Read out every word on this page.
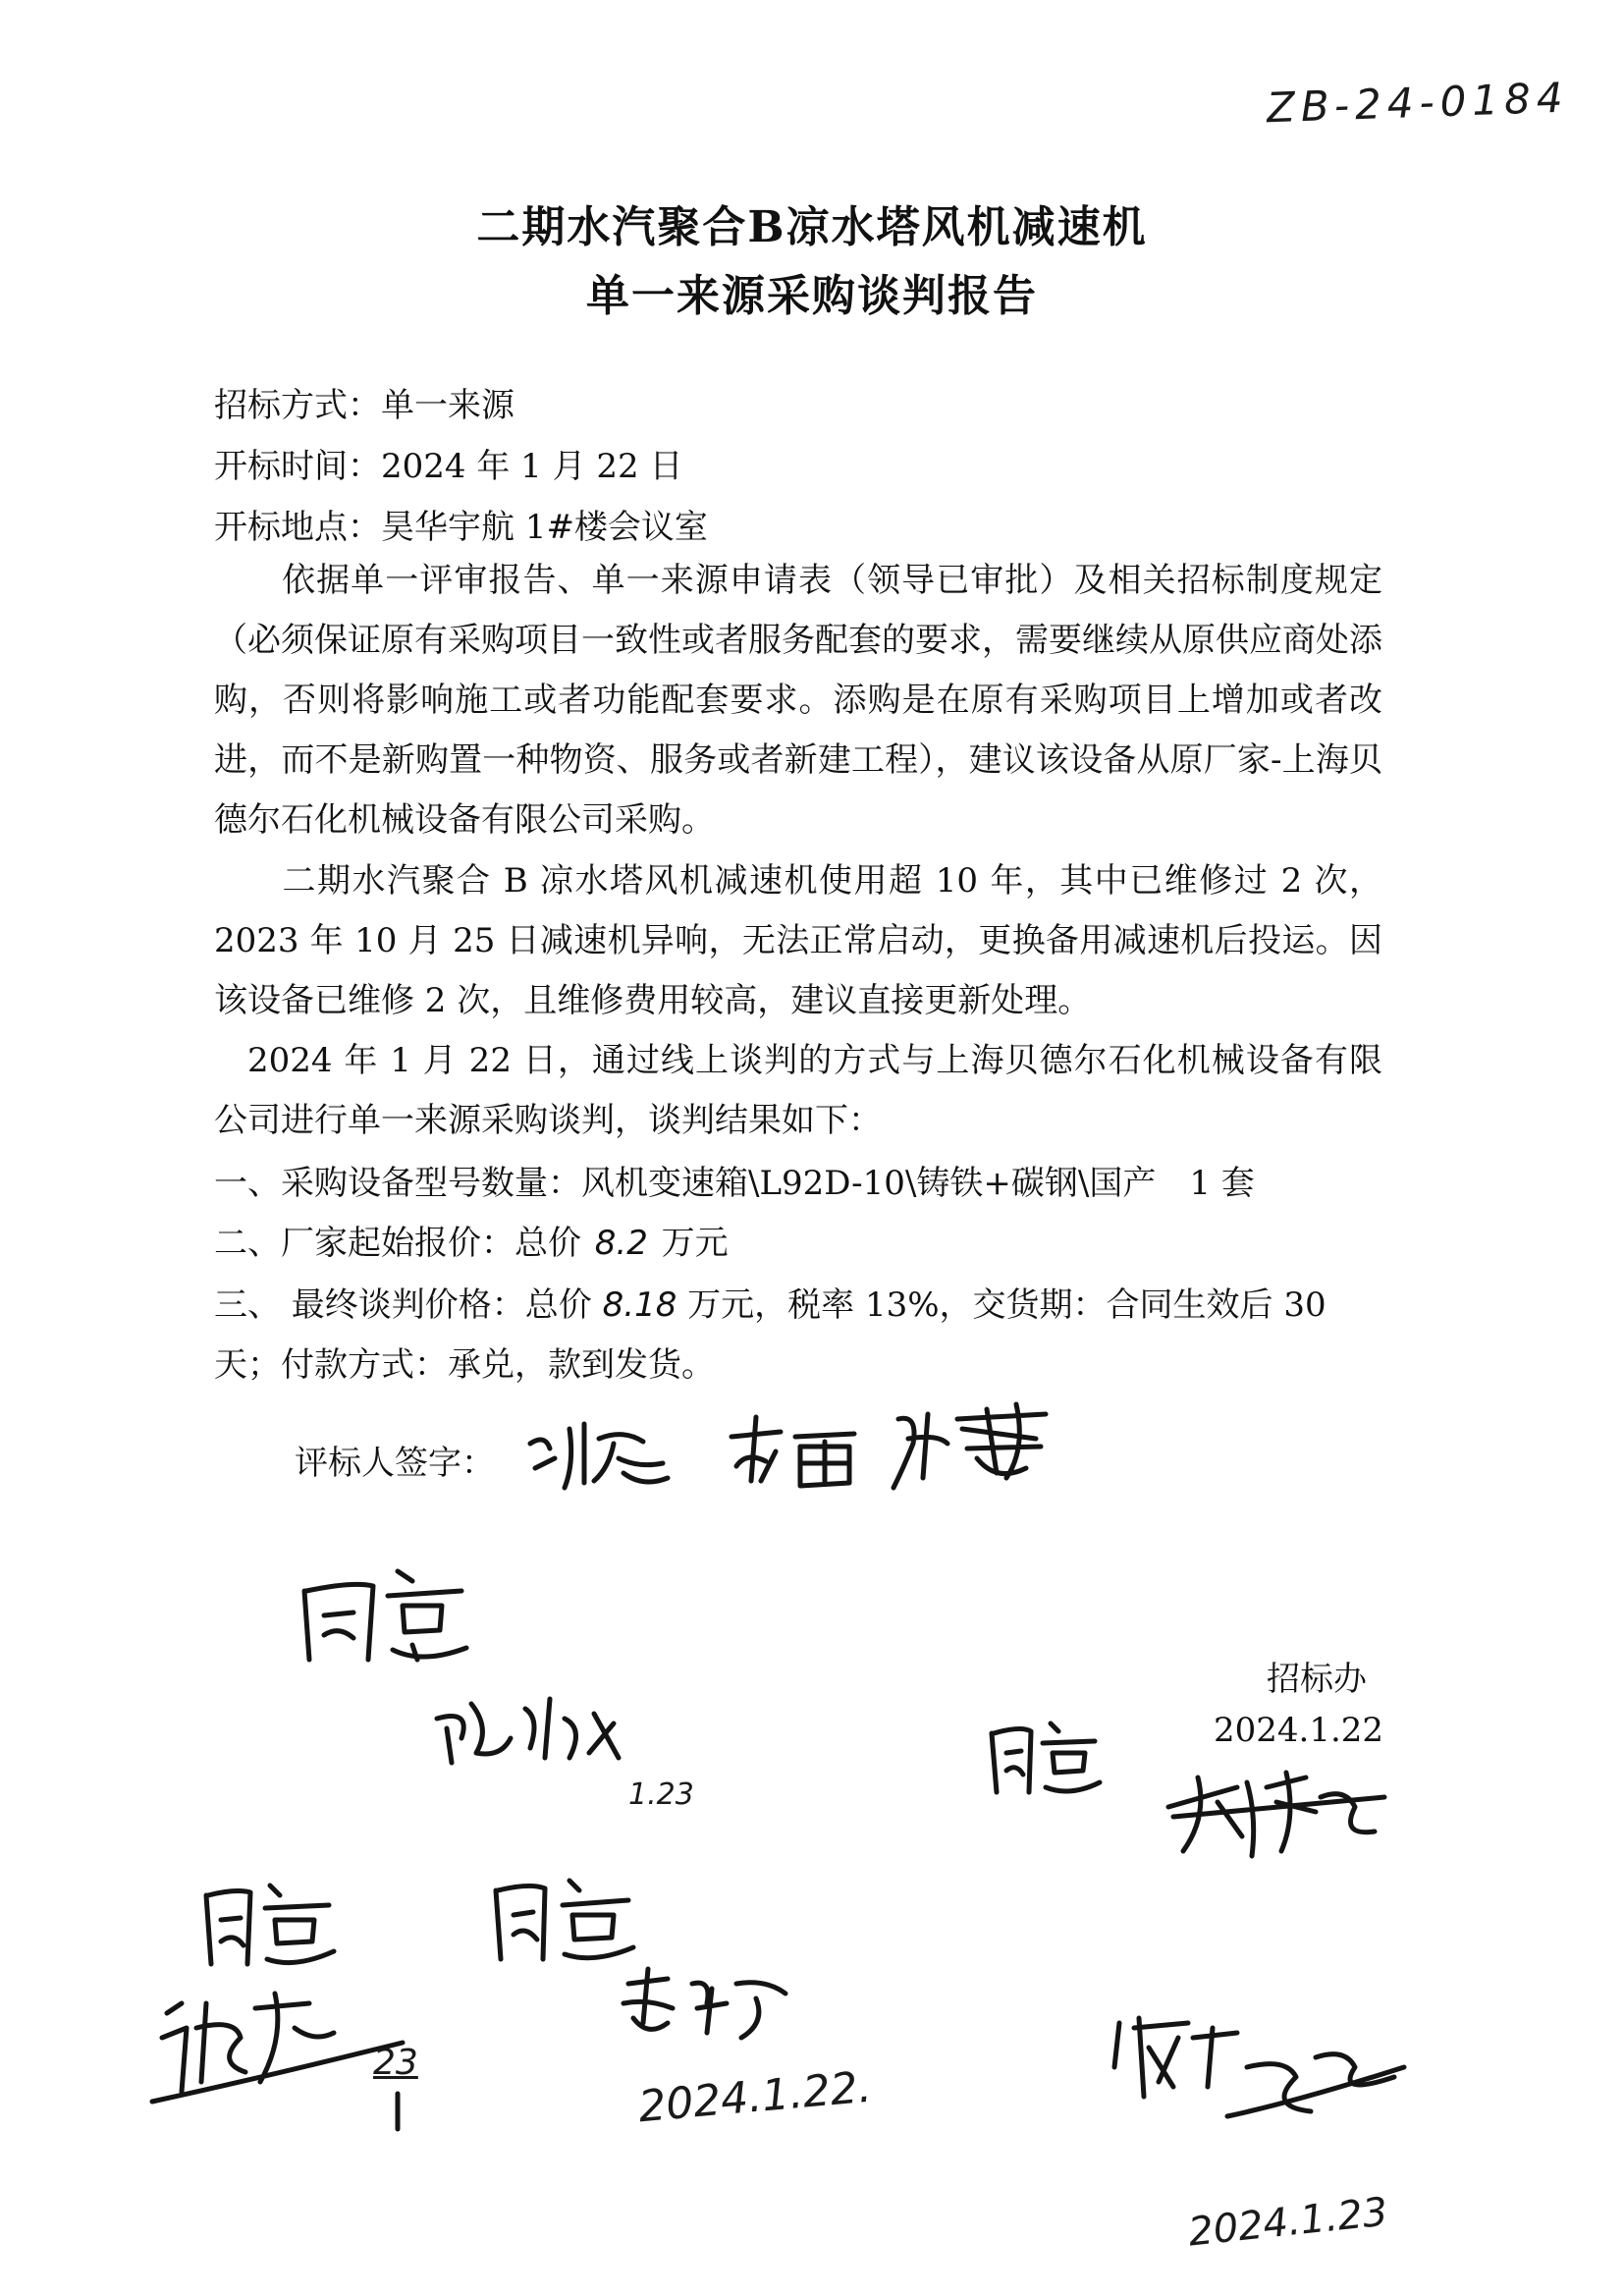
ZB-24-0184
二期水汽聚合B凉水塔风机减速机
单一来源采购谈判报告
招标方式：单一来源
开标时间：2024 年 1 月 22 日
开标地点：昊华宇航 1#楼会议室
依据单一评审报告、单一来源申请表（领导已审批）及相关招标制度规定（必须保证原有采购项目一致性或者服务配套的要求，需要继续从原供应商处添购，否则将影响施工或者功能配套要求。添购是在原有采购项目上增加或者改进，而不是新购置一种物资、服务或者新建工程），建议该设备从原厂家-上海贝德尔石化机械设备有限公司采购。
二期水汽聚合 B 凉水塔风机减速机使用超 10 年，其中已维修过 2 次，2023 年 10 月 25 日减速机异响，无法正常启动，更换备用减速机后投运。因该设备已维修 2 次，且维修费用较高，建议直接更新处理。
2024 年 1 月 22 日，通过线上谈判的方式与上海贝德尔石化机械设备有限公司进行单一来源采购谈判，谈判结果如下：
一、采购设备型号数量：风机变速箱\L92D-10\铸铁+碳钢\国产　1 套
二、厂家起始报价：总价 8.2 万元
三、 最终谈判价格：总价 8.18 万元，税率 13%，交货期：合同生效后 30 天；付款方式：承兑，款到发货。
评标人签字：
1.23
招标办
2024.1.22
23	2024.1.22.
2024.1.23
